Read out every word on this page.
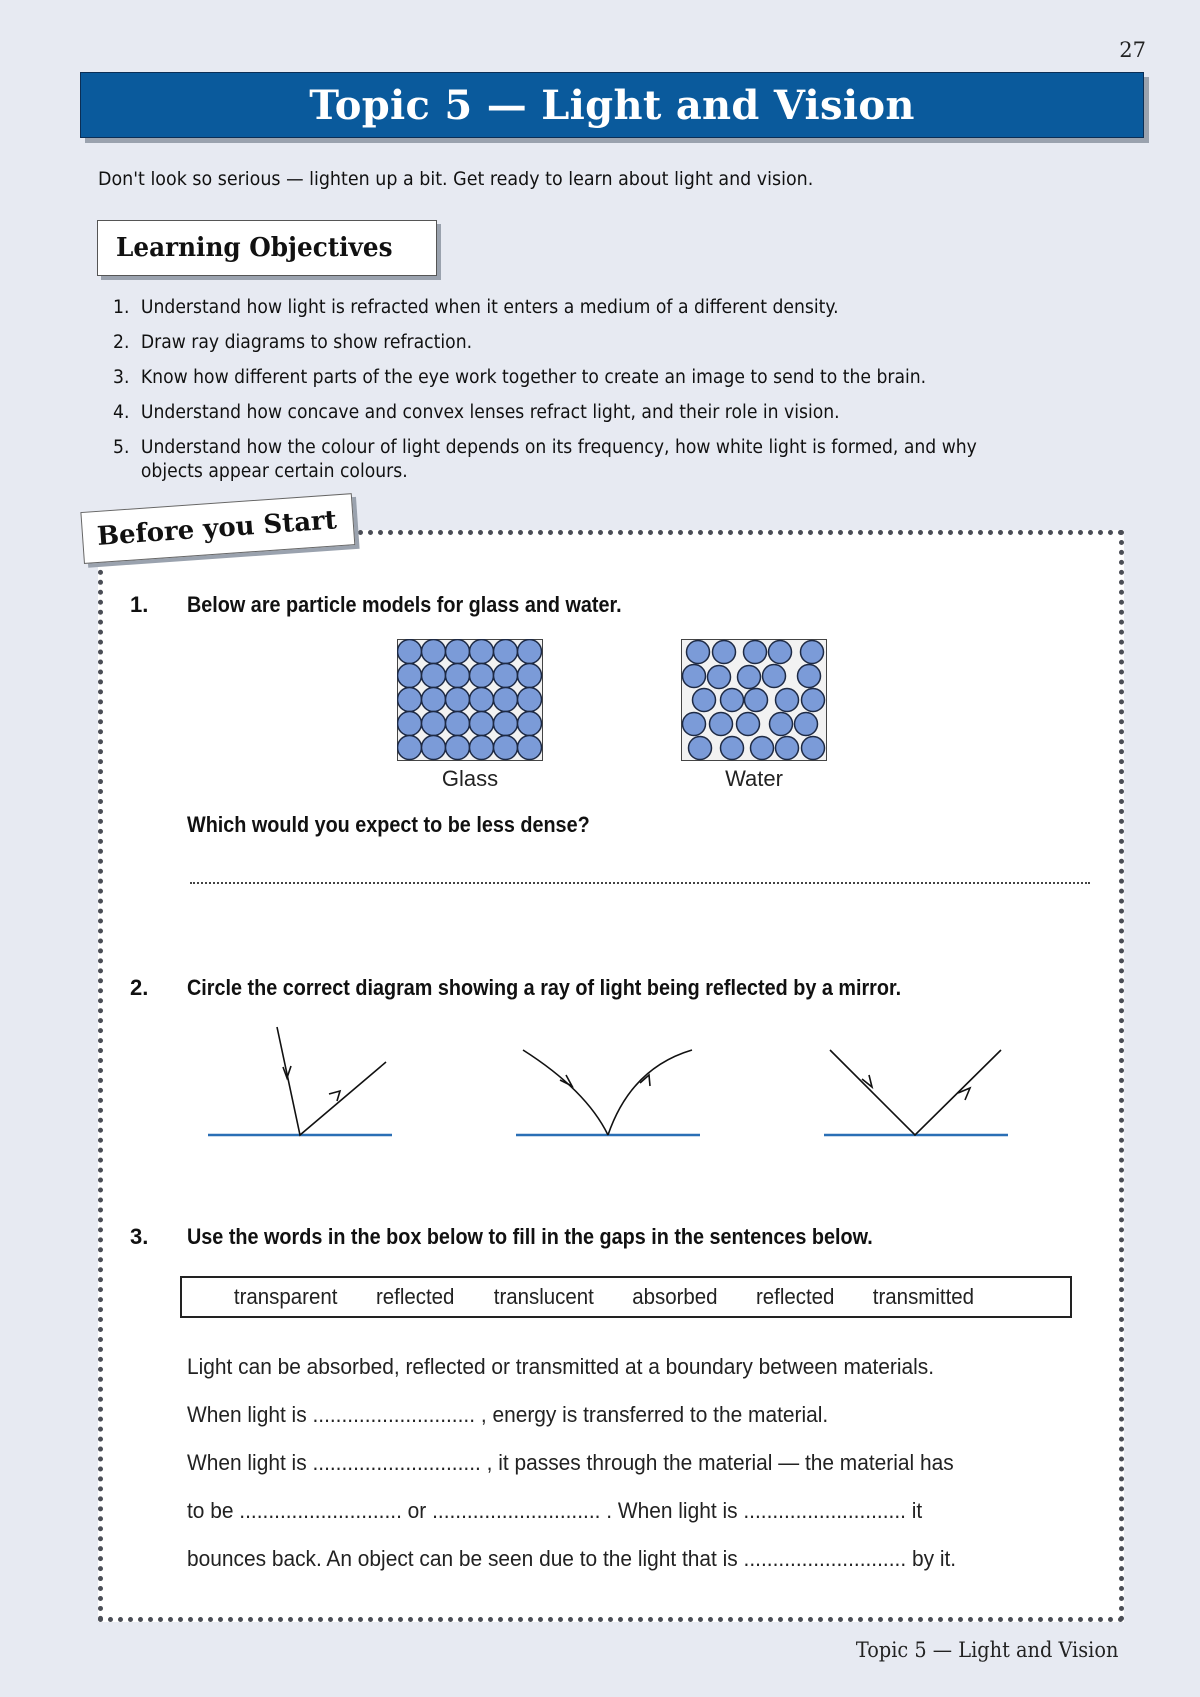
27
Topic 5 — Light and Vision
Don't look so serious — lighten up a bit. Get ready to learn about light and vision.
Learning Objectives
1. Understand how light is refracted when it enters a medium of a different density.
2. Draw ray diagrams to show refraction.
3. Know how different parts of the eye work together to create an image to send to the brain.
4. Understand how concave and convex lenses refract light, and their role in vision.
5. Understand how the colour of light depends on its frequency, how white light is formed, and why objects appear certain colours.
Before you Start
1. Below are particle models for glass and water.
Glass	Water
Which would you expect to be less dense?
2. Circle the correct diagram showing a ray of light being reflected by a mirror.
3. Use the words in the box below to fill in the gaps in the sentences below.
transparent reflected translucent absorbed reflected transmitted

Light can be absorbed, reflected or transmitted at a boundary between materials.

When light is ............................ , energy is transferred to the material.

When light is ............................. , it passes through the material — the material has

to be ............................ or ............................. . When light is ............................ it

bounces back. An object can be seen due to the light that is ............................ by it.

Topic 5 — Light and Vision
